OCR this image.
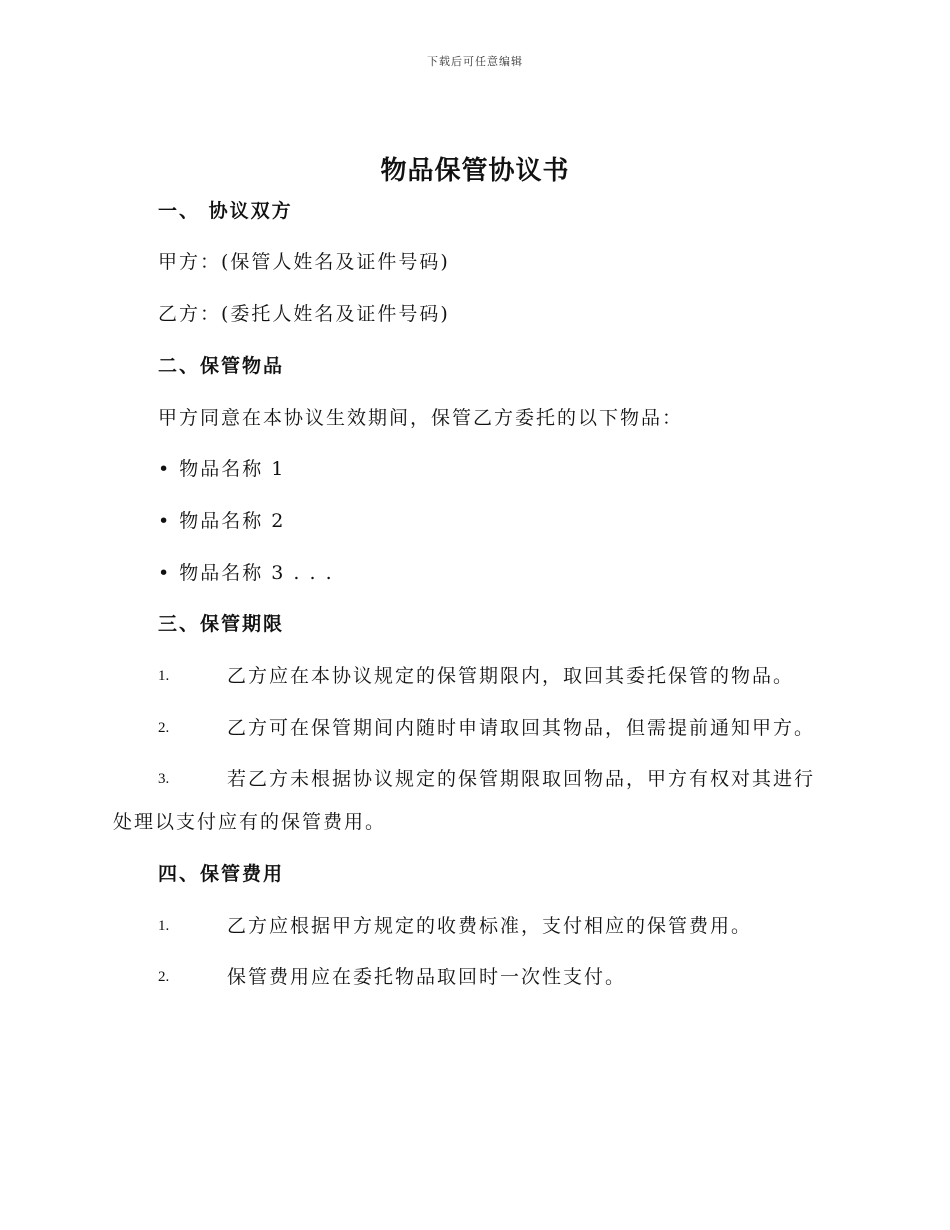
下载后可任意编辑
物品保管协议书
一、 协议双方
甲方：(保管人姓名及证件号码)
乙方：(委托人姓名及证件号码)
二、保管物品
甲方同意在本协议生效期间，保管乙方委托的以下物品：
• 物品名称 1
• 物品名称 2
• 物品名称 3 . . .
三、保管期限
1.	乙方应在本协议规定的保管期限内，取回其委托保管的物品。
2.	乙方可在保管期间内随时申请取回其物品，但需提前通知甲方。
3.	若乙方未根据协议规定的保管期限取回物品，甲方有权对其进行
处理以支付应有的保管费用。
四、保管费用
1.	乙方应根据甲方规定的收费标准，支付相应的保管费用。
2.	保管费用应在委托物品取回时一次性支付。
